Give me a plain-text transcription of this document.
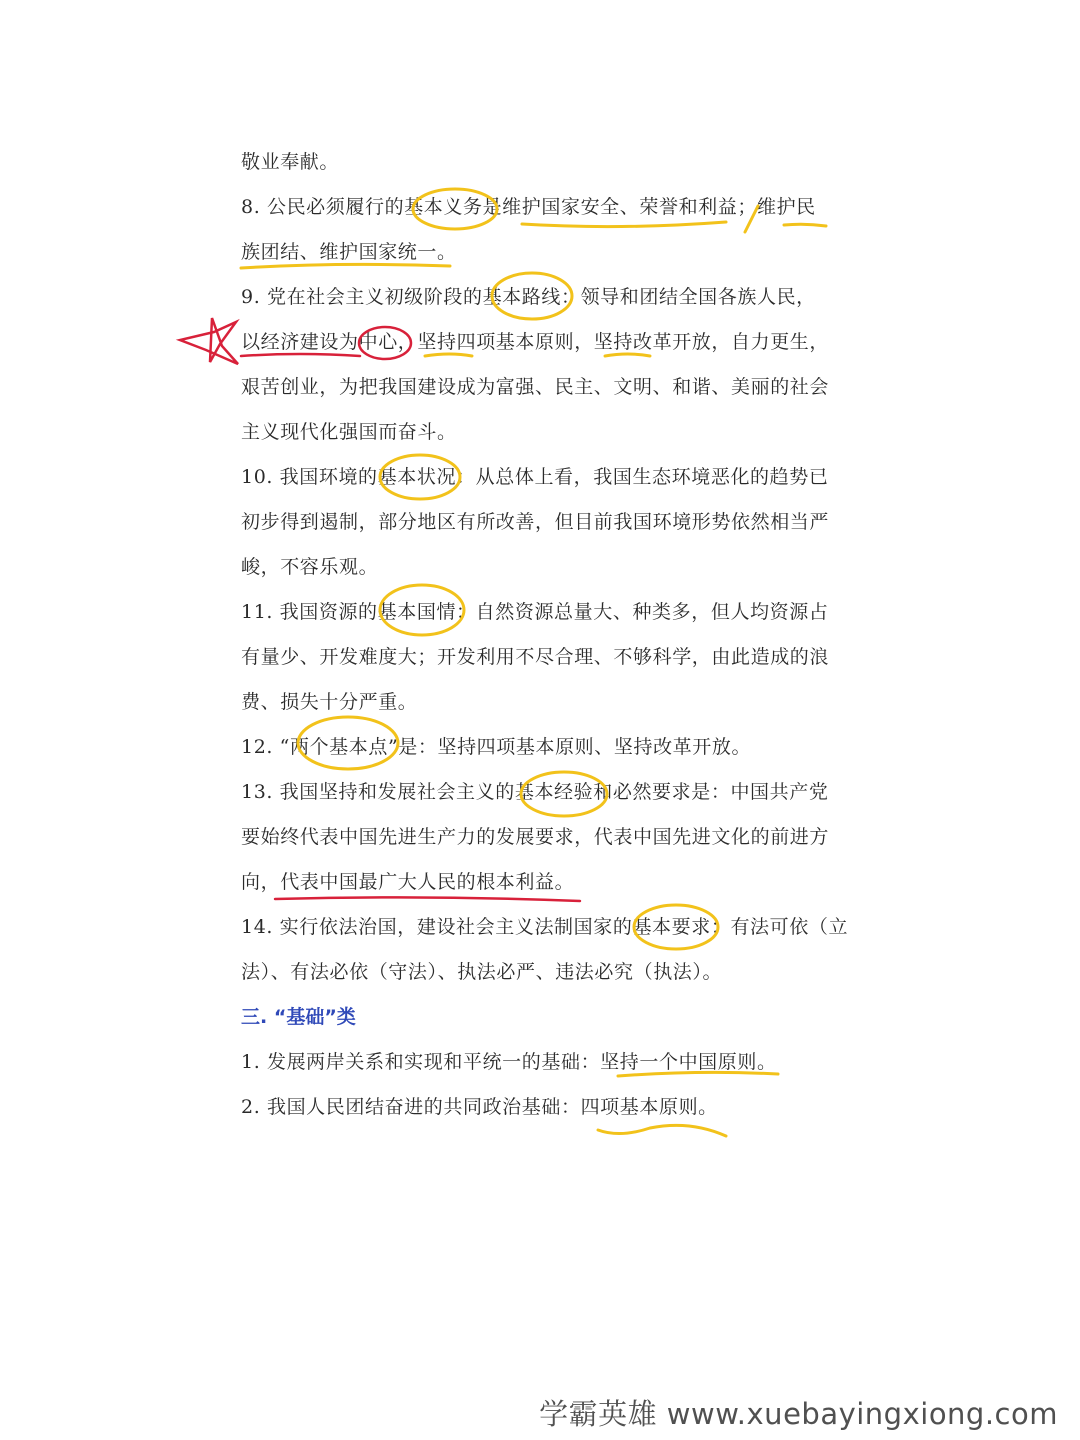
敬业奉献。
8. 公民必须履行的基本义务是维护国家安全、荣誉和利益；维护民
族团结、维护国家统一。
9. 党在社会主义初级阶段的基本路线：领导和团结全国各族人民，
以经济建设为中心，坚持四项基本原则，坚持改革开放，自力更生，
艰苦创业，为把我国建设成为富强、民主、文明、和谐、美丽的社会
主义现代化强国而奋斗。
10. 我国环境的基本状况：从总体上看，我国生态环境恶化的趋势已
初步得到遏制，部分地区有所改善，但目前我国环境形势依然相当严
峻，不容乐观。
11. 我国资源的基本国情：自然资源总量大、种类多，但人均资源占
有量少、开发难度大；开发利用不尽合理、不够科学，由此造成的浪
费、损失十分严重。
12. “两个基本点”是：坚持四项基本原则、坚持改革开放。
13. 我国坚持和发展社会主义的基本经验和必然要求是：中国共产党
要始终代表中国先进生产力的发展要求，代表中国先进文化的前进方
向，代表中国最广大人民的根本利益。
14. 实行依法治国，建设社会主义法制国家的基本要求：有法可依（立
法）、有法必依（守法）、执法必严、违法必究（执法）。
三. “基础”类
1. 发展两岸关系和实现和平统一的基础：坚持一个中国原则。
2. 我国人民团结奋进的共同政治基础：四项基本原则。
学霸英雄 www.xuebayingxiong.com
